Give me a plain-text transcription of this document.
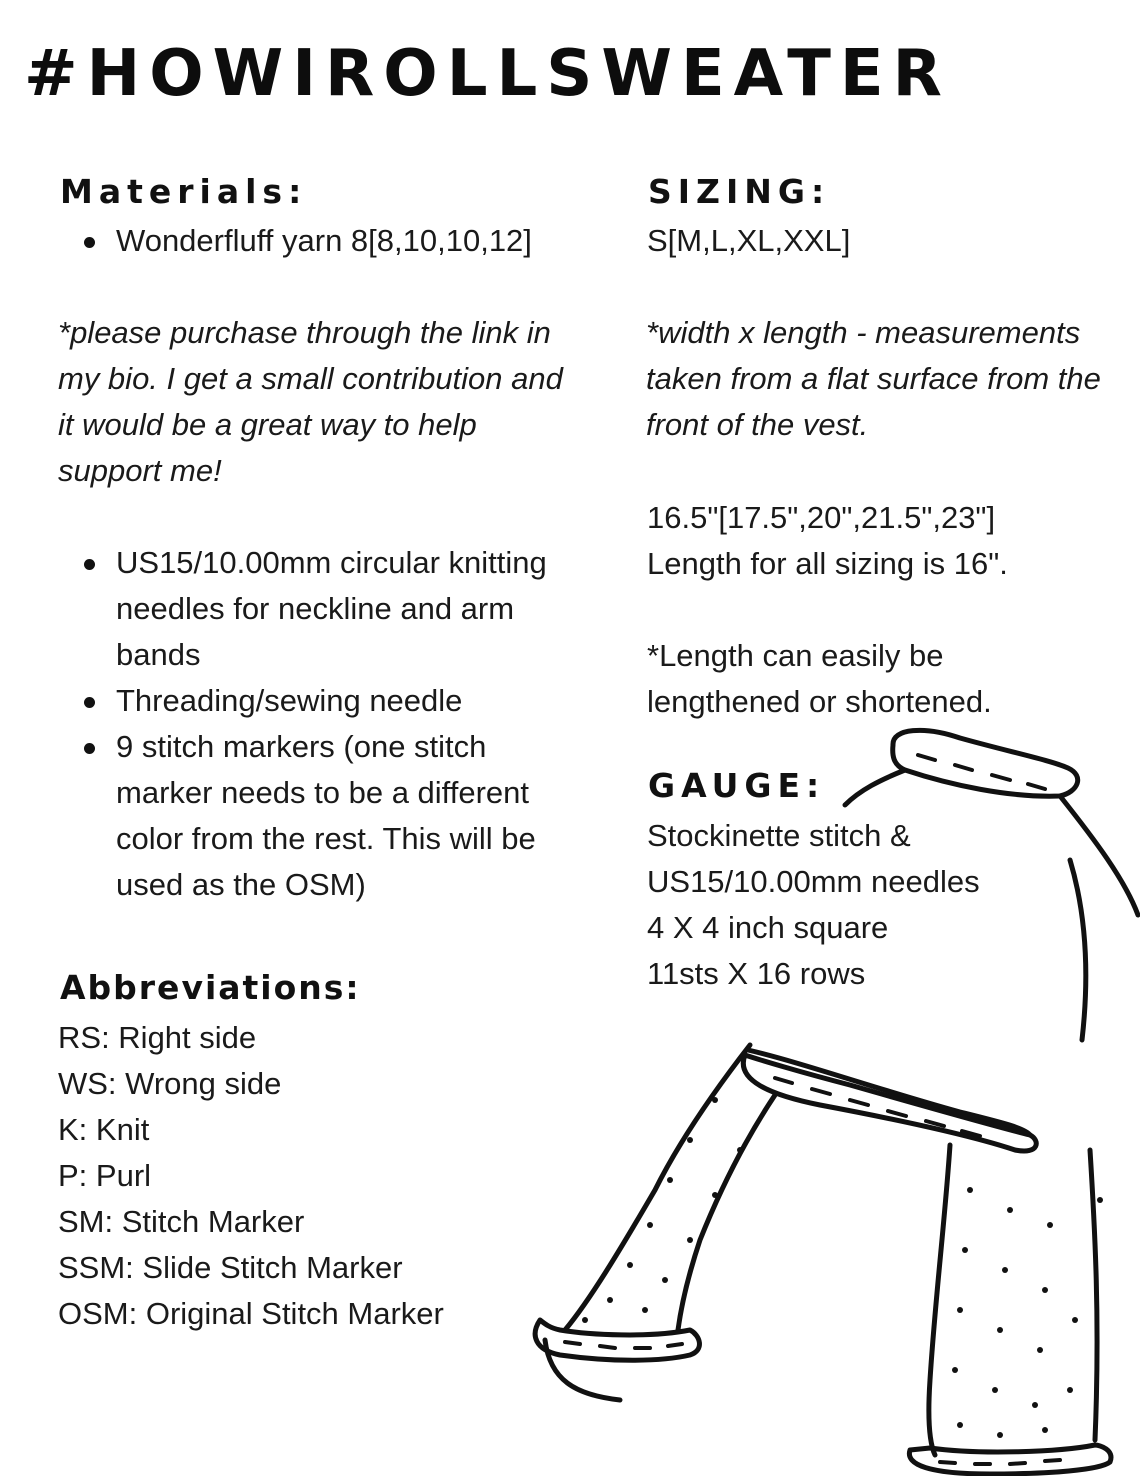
#HOWIROLLSWEATER
Materials:
Wonderfluff yarn 8[8,10,10,12]
*please purchase through the link in
my bio. I get a small contribution and
it would be a great way to help
support me!
US15/10.00mm circular knitting
needles for neckline and arm
bands
Threading/sewing needle
9 stitch markers (one stitch
marker needs to be a different
color from the rest. This will be
used as the OSM)
Abbreviations:
RS: Right side
WS: Wrong side
K: Knit
P: Purl
SM: Stitch Marker
SSM: Slide Stitch Marker
OSM: Original Stitch Marker
SIZING:
S[M,L,XL,XXL]
*width x length - measurements
taken from a flat surface from the
front of the vest.
16.5"[17.5",20",21.5",23"]
Length for all sizing is 16".
*Length can easily be
lengthened or shortened.
GAUGE:
Stockinette stitch &
US15/10.00mm needles
4 X 4 inch square
11sts X 16 rows
